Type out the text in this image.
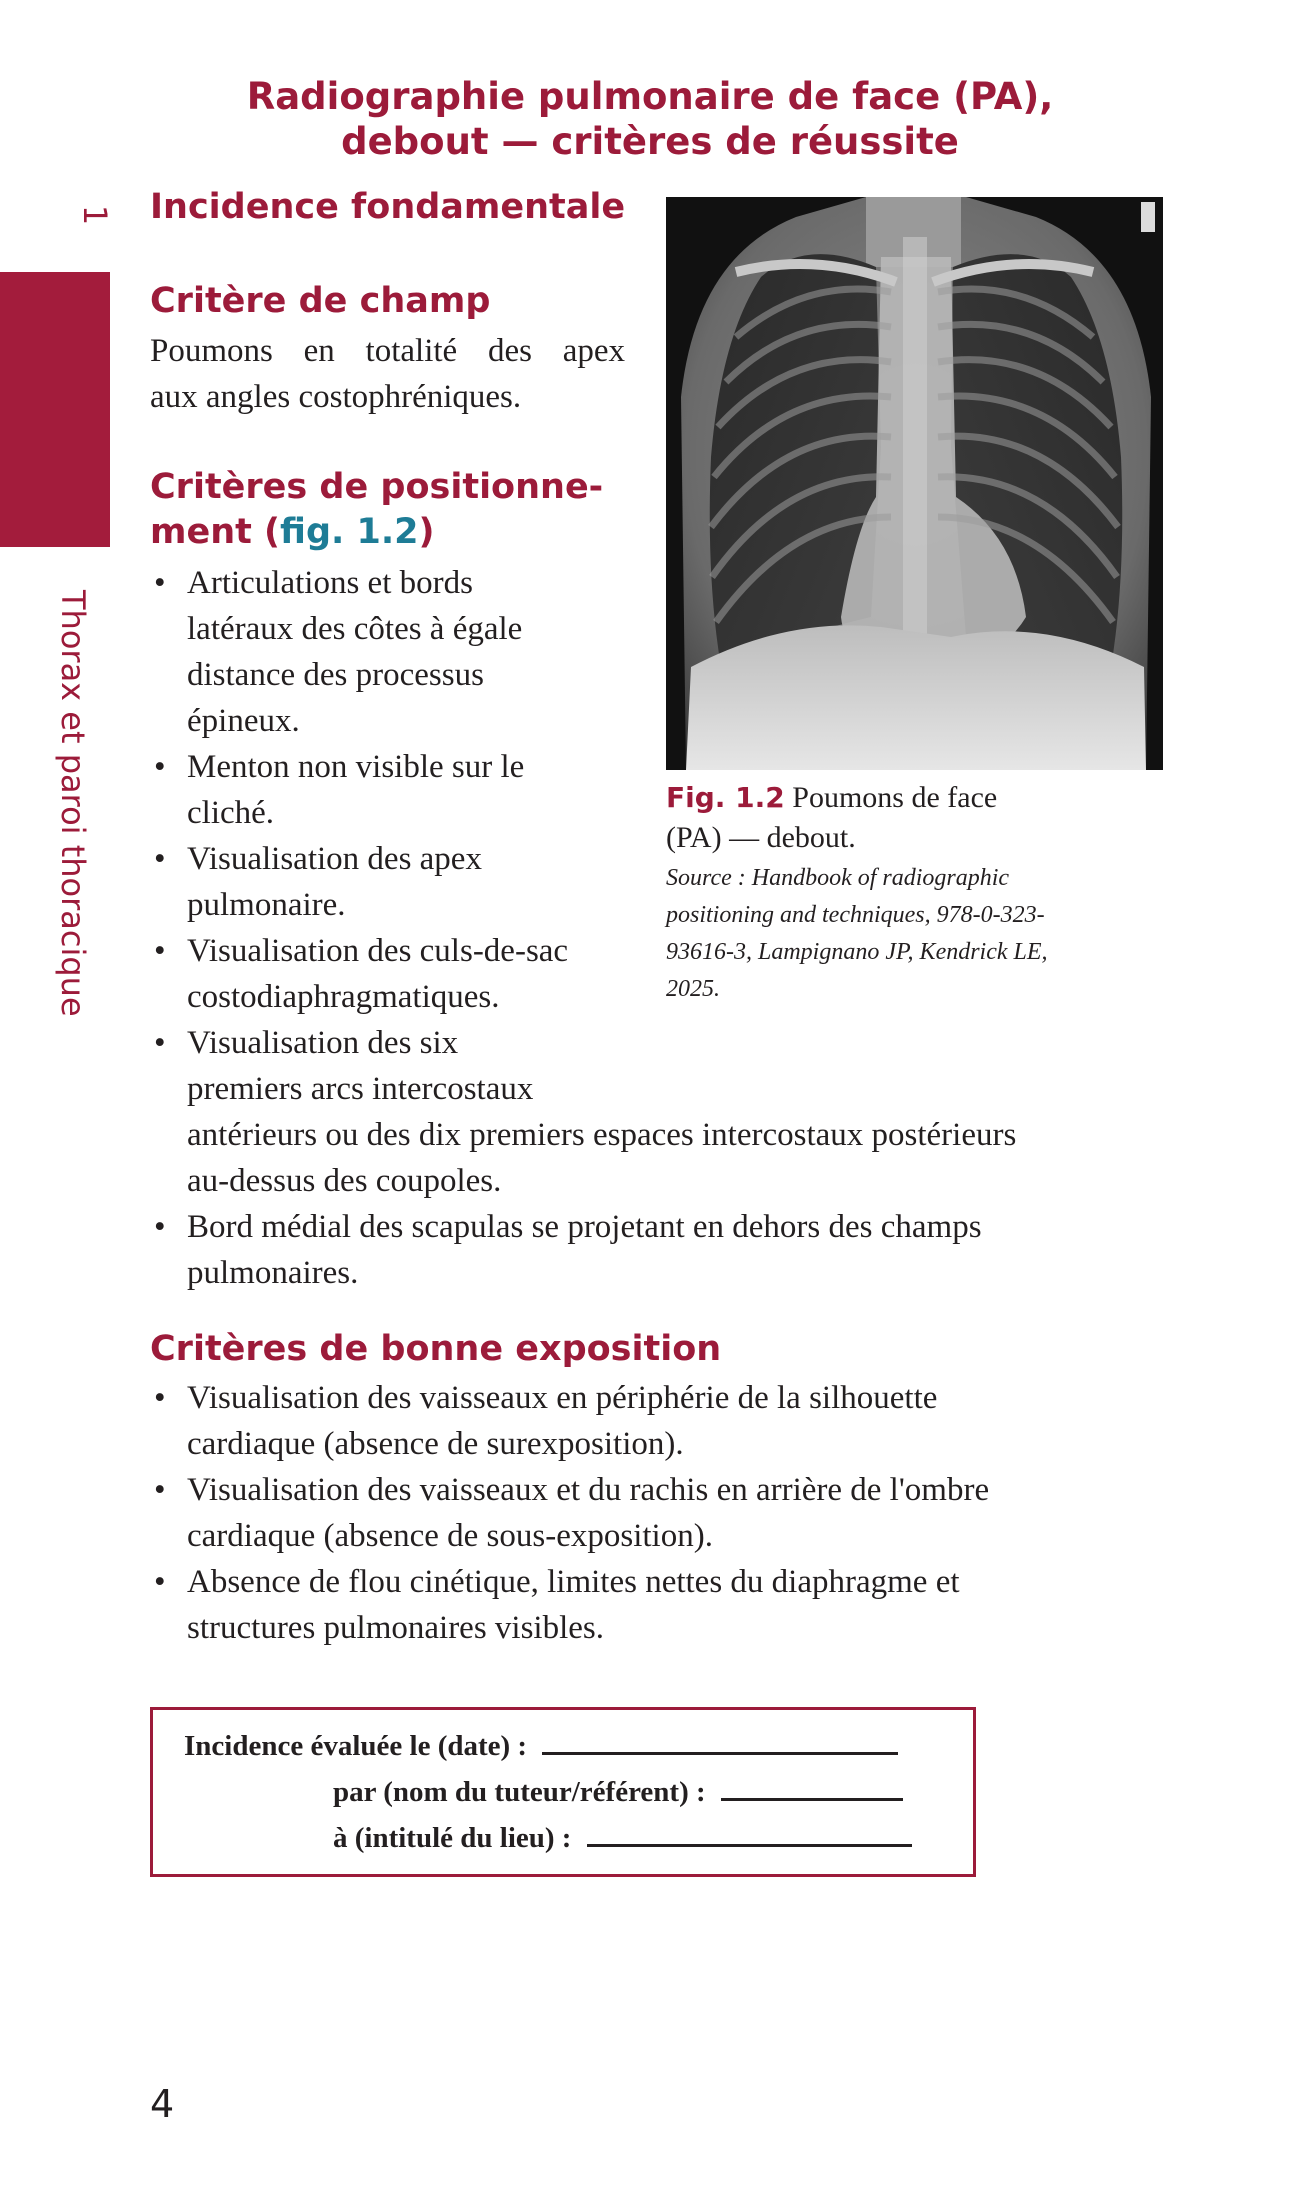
Radiographie pulmonaire de face (PA),
debout — critères de réussite
1
Thorax et paroi thoracique
Incidence fondamentale
Critère de champ
Poumons en totalité des apex
aux angles costophréniques.
Critères de positionne-
ment (fig. 1.2)
• Articulations et bords
latéraux des côtes à égale
distance des processus
épineux.
• Menton non visible sur le
cliché.
• Visualisation des apex
pulmonaire.
• Visualisation des culs-de-sac
costodiaphragmatiques.
• Visualisation des six
premiers arcs intercostaux
antérieurs ou des dix premiers espaces intercostaux postérieurs
au-dessus des coupoles.
• Bord médial des scapulas se projetant en dehors des champs
pulmonaires.
Fig. 1.2 Poumons de face
(PA) — debout.
Source : Handbook of radiographic
positioning and techniques, 978-0-323-
93616-3, Lampignano JP, Kendrick LE,
2025.
Critères de bonne exposition
• Visualisation des vaisseaux en périphérie de la silhouette
cardiaque (absence de surexposition).
• Visualisation des vaisseaux et du rachis en arrière de l'ombre
cardiaque (absence de sous-exposition).
• Absence de flou cinétique, limites nettes du diaphragme et
structures pulmonaires visibles.
Incidence évaluée le (date) :
par (nom du tuteur/référent) :
à (intitulé du lieu) :
4
